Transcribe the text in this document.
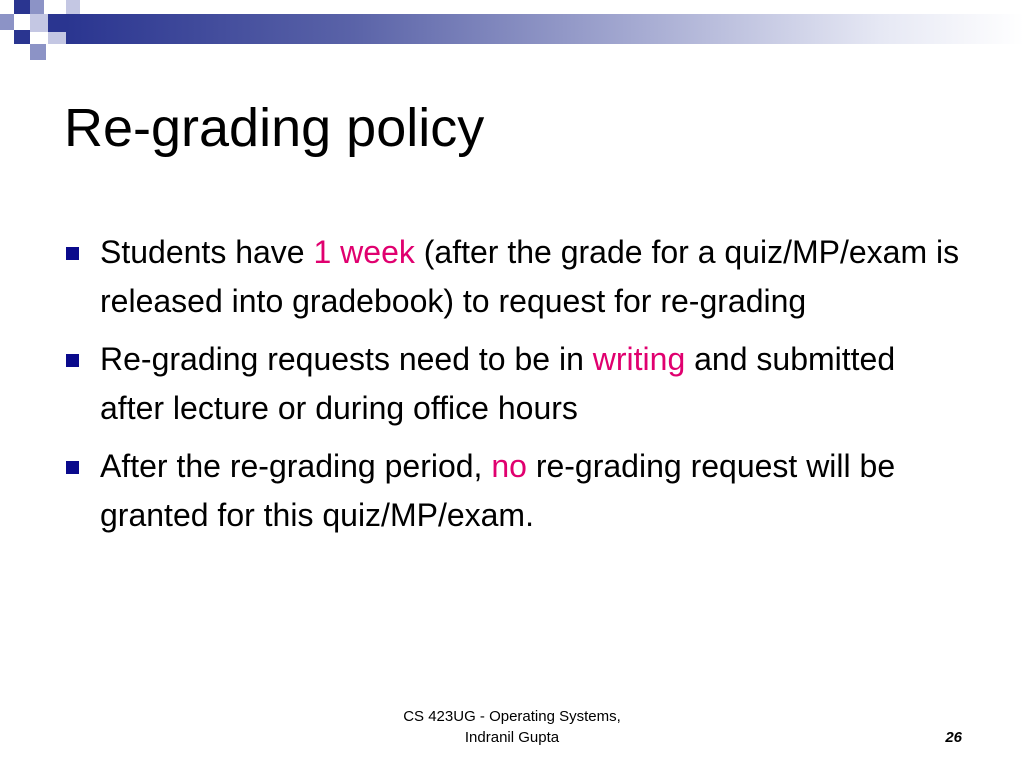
Re-grading policy
Students have 1 week (after the grade for a quiz/MP/exam is released into gradebook) to request for re-grading
Re-grading requests need to be in writing and submitted after lecture or during office hours
After the re-grading period, no re-grading request will be granted for this quiz/MP/exam.
CS 423UG - Operating Systems,
Indranil Gupta	26
